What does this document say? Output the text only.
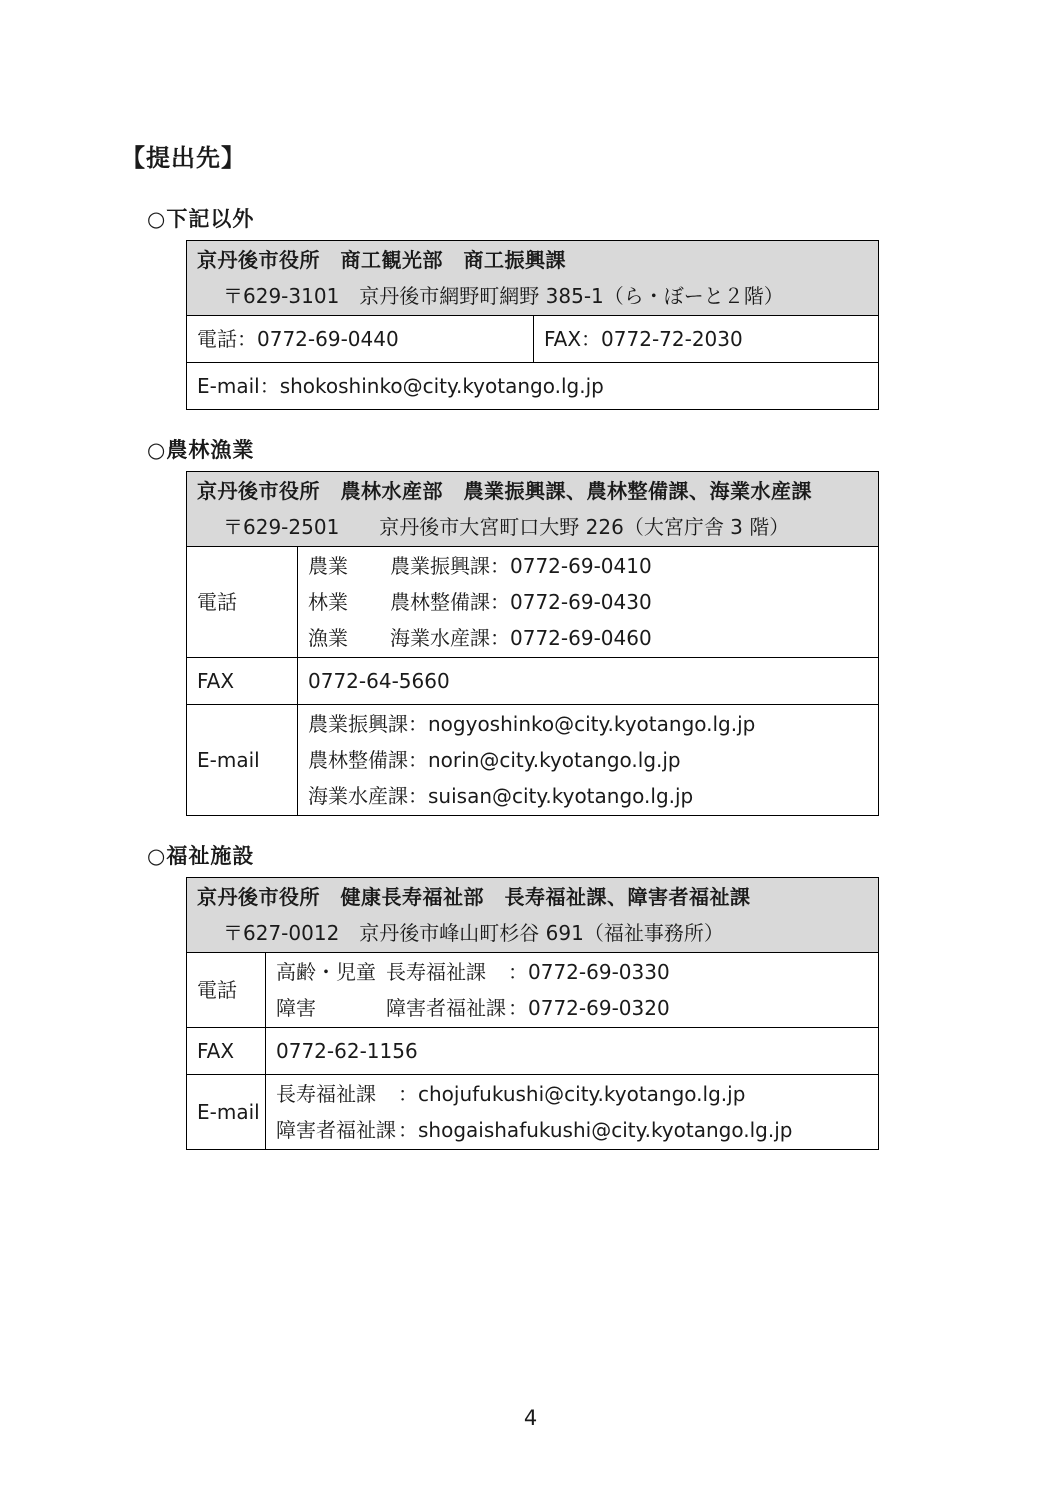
【提出先】
○下記以外
京丹後市役所　商工観光部　商工振興課
〒629-3101　京丹後市網野町網野 385-1（ら・ぼーと２階）

電話：0772-69-0440	FAX：0772-72-2030
E-mail：shokoshinko@city.kyotango.lg.jp
○農林漁業
京丹後市役所　農林水産部　農業振興課、農林整備課、海業水産課
〒629-2501　　京丹後市大宮町口大野 226（大宮庁舎 3 階）	

電話	農業 農業振興課：0772-69-0410
林業 農林整備課：0772-69-0430
漁業 海業水産課：0772-69-0460

FAX	0772-64-5660
E-mail	農業振興課：nogyoshinko@city.kyotango.lg.jp
農林整備課：norin@city.kyotango.lg.jp
海業水産課：suisan@city.kyotango.lg.jp
○福祉施設
京丹後市役所　健康長寿福祉部　長寿福祉課、障害者福祉課
〒627-0012　京丹後市峰山町杉谷 691（福祉事務所）	

電話	高齢・児童 長寿福祉課 ：0772-69-0330
障害 障害者福祉課 ：0772-69-0320

FAX	0772-62-1156
E-mail	長寿福祉課 ：chojufukushi@city.kyotango.lg.jp
障害者福祉課 ：shogaishafukushi@city.kyotango.lg.jp
4
